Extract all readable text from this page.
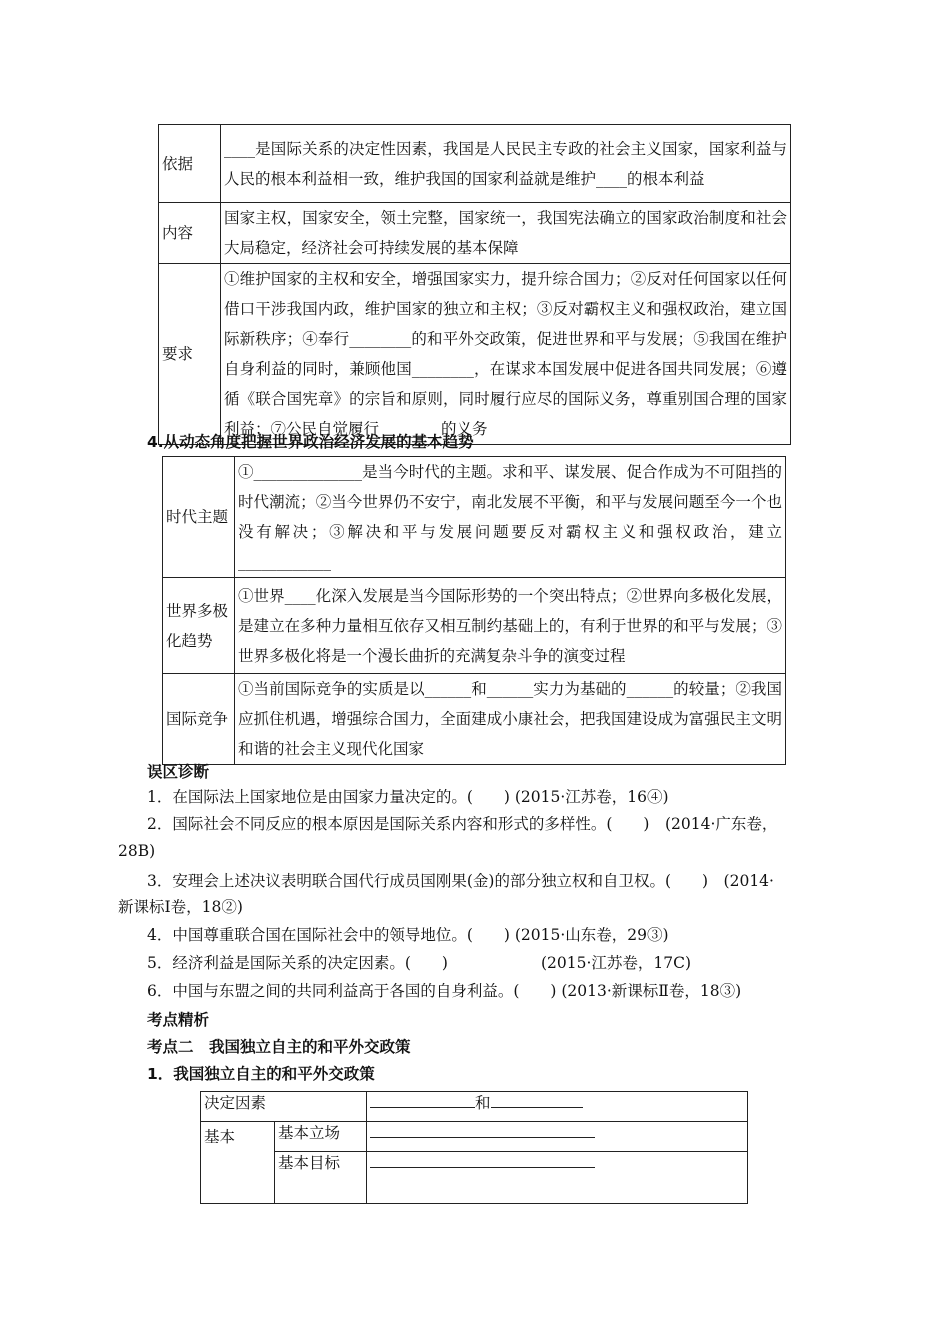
依据	____是国际关系的决定性因素，我国是人民民主专政的社会主义国家，国家利益与人民的根本利益相一致，维护我国的国家利益就是维护____的根本利益
内容	国家主权，国家安全，领土完整，国家统一，我国宪法确立的国家政治制度和社会大局稳定，经济社会可持续发展的基本保障
要求	①维护国家的主权和安全，增强国家实力，提升综合国力；②反对任何国家以任何借口干涉我国内政，维护国家的独立和主权；③反对霸权主义和强权政治，建立国际新秩序；④奉行________的和平外交政策，促进世界和平与发展；⑤我国在维护自身利益的同时，兼顾他国________，在谋求本国发展中促进各国共同发展；⑥遵循《联合国宪章》的宗旨和原则，同时履行应尽的国际义务，尊重别国合理的国家利益；⑦公民自觉履行________的义务
4.从动态角度把握世界政治经济发展的基本趋势
时代主题	①______________是当今时代的主题。求和平、谋发展、促合作成为不可阻挡的时代潮流；②当今世界仍不安宁，南北发展不平衡，和平与发展问题至今一个也没有解决；③解决和平与发展问题要反对霸权主义和强权政治，建立____________
世界多极化趋势	①世界____化深入发展是当今国际形势的一个突出特点；②世界向多极化发展，是建立在多种力量相互依存又相互制约基础上的，有利于世界的和平与发展；③世界多极化将是一个漫长曲折的充满复杂斗争的演变过程
国际竞争	①当前国际竞争的实质是以______和______实力为基础的______的较量；②我国应抓住机遇，增强综合国力，全面建成小康社会，把我国建设成为富强民主文明和谐的社会主义现代化国家
误区诊断
1．在国际法上国家地位是由国家力量决定的。(　　) (2015·江苏卷，16④)
2．国际社会不同反应的根本原因是国际关系内容和形式的多样性。(　　)　(2014·广东卷，
28B)
3．安理会上述决议表明联合国代行成员国刚果(金)的部分独立权和自卫权。(　　)　(2014·
新课标Ⅰ卷，18②)
4．中国尊重联合国在国际社会中的领导地位。(　　) (2015·山东卷，29③)
5．经济利益是国际关系的决定因素。(　　)　　　　　　(2015·江苏卷，17C)
6．中国与东盟之间的共同利益高于各国的自身利益。(　　) (2013·新课标Ⅱ卷，18③)
考点精析
考点二　我国独立自主的和平外交政策
1．我国独立自主的和平外交政策
决定因素		和
基本	基本立场	
	基本目标	
